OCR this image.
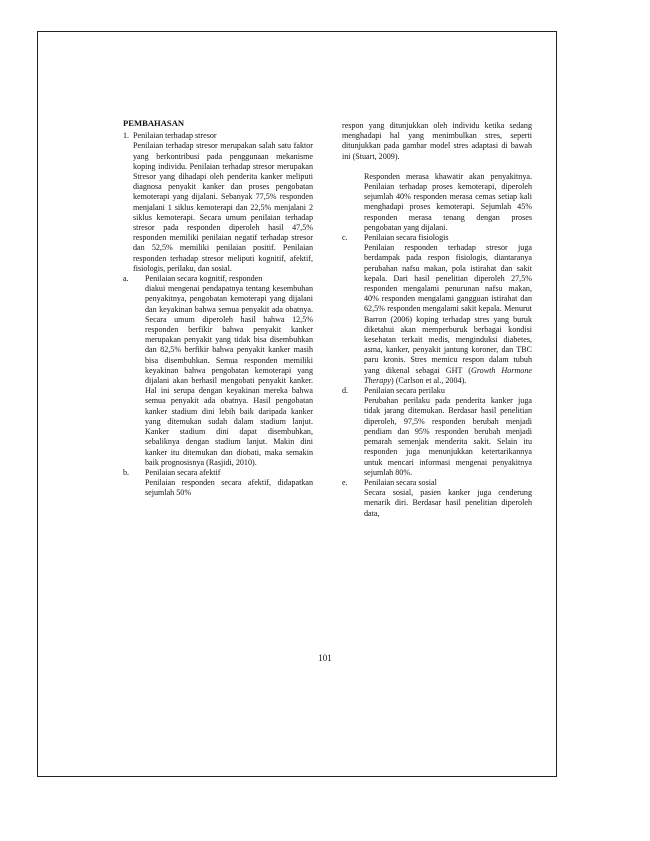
PEMBAHASAN

1. Penilaian terhadap stresor

Penilaian terhadap stresor merupakan salah satu faktor yang berkontribusi pada penggunaan mekanisme koping individu. Penilaian terhadap stresor merupakan Stresor yang dihadapi oleh penderita kanker meliputi diagnosa penyakit kanker dan proses pengobatan kemoterapi yang dijalani. Sebanyak 77,5% responden menjalani 1 siklus kemoterapi dan 22,5% menjalani 2 siklus kemoterapi. Secara umum penilaian terhadap stresor pada responden diperoleh hasil 47,5% responden memiliki penilaian negatif terhadap stresor dan 52,5% memiliki penilaian positif. Penilaian responden terhadap stresor meliputi kognitif, afektif, fisiologis, perilaku, dan sosial.

a.	Penilaian secara kognitif, responden

diakui mengenai pendapatnya tentang kesembuhan penyakitnya, pengobatan kemoterapi yang dijalani dan keyakinan bahwa semua penyakit ada obatnya. Secara umum diperoleh hasil bahwa 12,5% responden berfikir bahwa penyakit kanker merupakan penyakit yang tidak bisa disembuhkan dan 82,5% berfikir bahwa penyakit kanker masih bisa disembuhkan. Semua responden memiliki keyakinan bahwa pengobatan kemoterapi yang dijalani akan berhasil mengobati penyakit kanker. Hal ini serupa dengan keyakinan mereka bahwa semua penyakit ada obatnya. Hasil pengobatan kanker stadium dini lebih baik daripada kanker yang ditemukan sudah dalam stadium lanjut. Kanker stadium dini dapat disembuhkan, sebaliknya dengan stadium lanjut. Makin dini kanker itu ditemukan dan diobati, maka semakin baik prognosisnya (Rasjidi, 2010).

b.	Penilaian secara afektif

Penilaian responden secara afektif, didapatkan sejumlah 50%

respon yang ditunjukkan oleh individu ketika sedang menghadapi hal yang menimbulkan stres, seperti ditunjukkan pada gambar model stres adaptasi di bawah ini (Stuart, 2009).

Responden merasa khawatir akan penyakitnya. Penilaian terhadap proses kemoterapi, diperoleh sejumlah 40% responden merasa cemas setiap kali menghadapi proses kemoterapi. Sejumlah 45% responden merasa tenang dengan proses pengobatan yang dijalani.

c.	Penilaian secara fisiologis

Penilaian responden terhadap stresor juga berdampak pada respon fisiologis, diantaranya perubahan nafsu makan, pola istirahat dan sakit kepala. Dari hasil penelitian diperoleh 27,5% responden mengalami penurunan nafsu makan, 40% responden mengalami gangguan istirahat dan 62,5% responden mengalami sakit kepala. Menurut Barron (2006) koping terhadap stres yang buruk diketahui akan memperburuk berbagai kondisi kesehatan terkait medis, menginduksi diabetes, asma, kanker, penyakit jantung koroner, dan TBC paru kronis. Stres memicu respon dalam tubuh yang dikenal sebagai GHT (Growth Hormone Therapy) (Carlson et al., 2004).

d.	Penilaian secara perilaku

Perubahan perilaku pada penderita kanker juga tidak jarang ditemukan. Berdasar hasil penelitian diperoleh, 97,5% responden berubah menjadi pendiam dan 95% responden berubah menjadi pemarah semenjak menderita sakit. Selain itu responden juga menunjukkan ketertarikannya untuk mencari informasi mengenai penyakitnya sejumlah 80%.

e.	Penilaian secara sosial

Secara sosial, pasien kanker juga cenderung menarik diri. Berdasar hasil penelitian diperoleh data,

101
